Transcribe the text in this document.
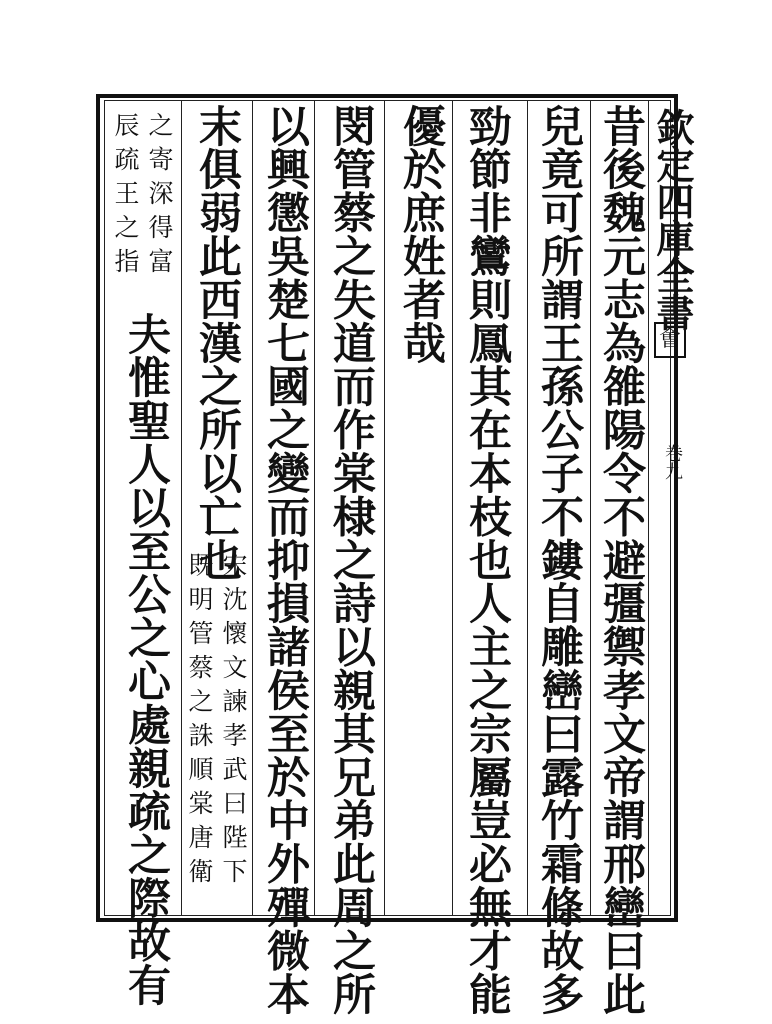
欽定四庫全書
㑹
卷九
昔後魏元志為雒陽令不避彊禦孝文帝謂邢巒曰此
兒竟可所謂王孫公子不鏤自雕巒曰露竹霜條故多
勁節非鸞則鳳其在本枝也人主之宗屬豈必無才能
優於庶姓者哉
閔管蔡之失道而作棠棣之詩以親其兄弟此周之所
以興懲吳楚七國之變而抑損諸侯至於中外殫微本
末俱弱此西漢之所以亡也
宋沈懷文諫孝武曰陛下
既明管蔡之誅順棠唐衛
之寄深得富
夫惟聖人以至公之心處親疏之際故有
辰疏王之指
